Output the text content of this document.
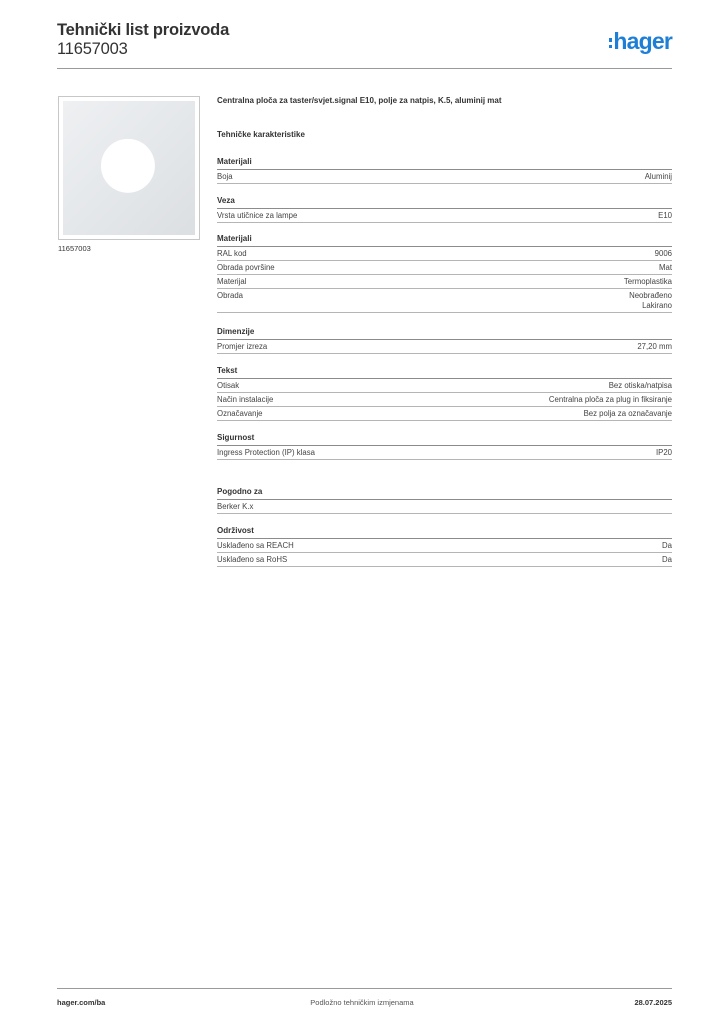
Tehnički list proizvoda
11657003	hager
11657003
Centralna ploča za taster/svjet.signal E10, polje za natpis, K.5, aluminij mat
Tehničke karakteristike
Materijali
Boja	Aluminij
Veza
Vrsta utičnice za lampe	E10
Materijali
RAL kod	9006
Obrada površine	Mat
Materijal	Termoplastika
Obrada	Neobrađeno
Lakirano
Dimenzije
Promjer izreza	27,20 mm
Tekst
Otisak	Bez otiska/natpisa
Način instalacije	Centralna ploča za plug in fiksiranje
Označavanje	Bez polja za označavanje
Sigurnost
Ingress Protection (IP) klasa	IP20
Pogodno za
Berker K.x
Održivost
Usklađeno sa REACH	Da
Usklađeno sa RoHS	Da
hager.com/ba	Podložno tehničkim izmjenama	28.07.2025
